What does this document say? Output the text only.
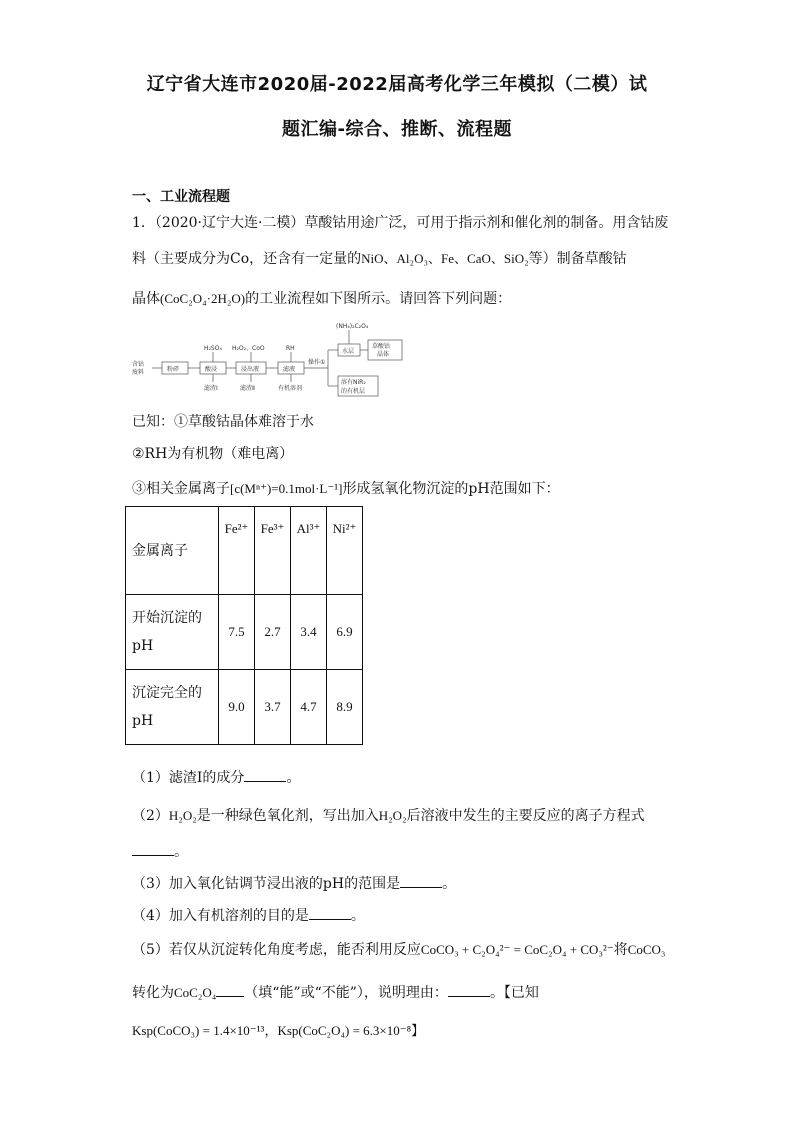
辽宁省大连市2020届-2022届高考化学三年模拟（二模）试
题汇编-综合、推断、流程题
一、工业流程题
1．（2020·辽宁大连·二模）草酸钴用途广泛，可用于指示剂和催化剂的制备。用含钴废
料（主要成分为Co，还含有一定量的NiO、Al₂O₃、Fe、CaO、SiO₂等）制备草酸钴
晶体(CoC₂O₄·2H₂O)的工业流程如下图所示。请回答下列问题：
含钴
废料	粉碎	酸浸	浸出液	滤液
H₂SO₄ H₂O₂、CoO	RH
滤渣Ⅰ	滤渣Ⅱ	有机溶剂
操作①
(NH₄)₂C₂O₄
水层
草酸钴
晶体
溶有NiR₂
的有机层
已知：①草酸钴晶体难溶于水
②RH为有机物（难电离）
③相关金属离子[c(Mⁿ⁺)=0.1mol·L⁻¹]形成氢氧化物沉淀的pH范围如下：
金属离子	Fe²⁺	Fe³⁺	Al³⁺	Ni²⁺
开始沉淀的pH	7.5	2.7	3.4	6.9
沉淀完全的pH	9.0	3.7	4.7	8.9
（1）滤渣Ⅰ的成分	。
（2）H₂O₂是一种绿色氧化剂，写出加入H₂O₂后溶液中发生的主要反应的离子方程式
。
（3）加入氧化钴调节浸出液的pH的范围是	。
（4）加入有机溶剂的目的是	。
（5）若仅从沉淀转化角度考虑，能否利用反应CoCO₃ + C₂O₄²⁻ = CoC₂O₄ + CO₃²⁻将CoCO₃
转化为CoC₂O₄ （填“能”或“不能”），说明理由：	。【已知
Ksp(CoCO₃) = 1.4×10⁻¹³，Ksp(CoC₂O₄) = 6.3×10⁻⁸】
